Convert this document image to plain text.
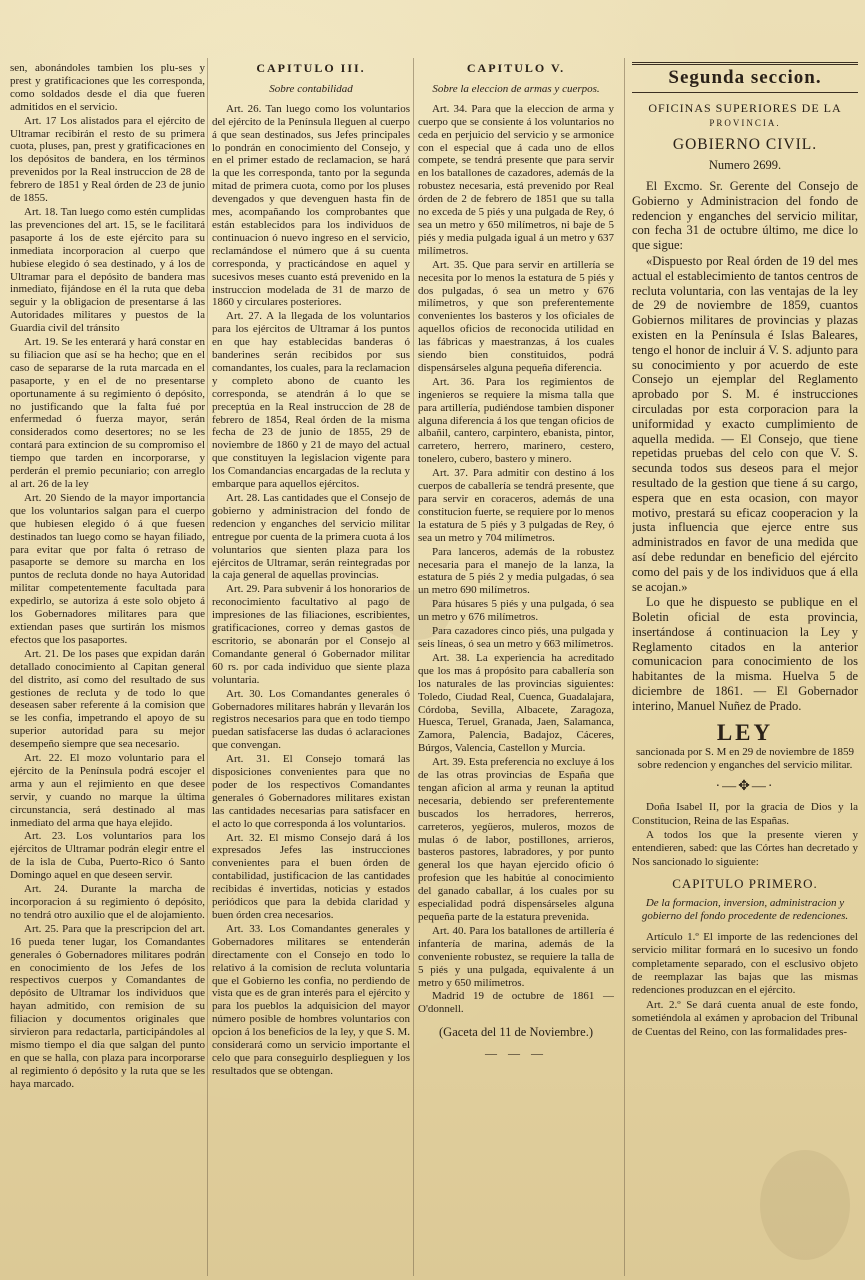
sen, abonándoles tambien los plu-ses y prest y gratificaciones que les corresponda, como soldados desde el dia que fueren admitidos en el servicio.

Art. 17 Los alistados para el ejército de Ultramar recibirán el resto de su primera cuota, pluses, pan, prest y gratificaciones en los depósitos de bandera, en los términos prevenidos por la Real instruccion de 28 de febrero de 1851 y Real órden de 23 de junio de 1855.

Art. 18. Tan luego como estén cumplidas las prevenciones del art. 15, se le facilitará pasaporte á los de este ejército para su inmediata incorporacion al cuerpo que hubiese elegido ó sea destinado, y á los de Ultramar para el depósito de bandera mas inmediato, fijándose en él la ruta que deba seguir y la obligacion de presentarse á las Autoridades militares y puestos de la Guardia civil del tránsito

Art. 19. Se les enterará y hará constar en su filiacion que así se ha hecho; que en el caso de separarse de la ruta marcada en el pasaporte, y en el de no presentarse oportunamente á su regimiento ó depósito, no justificando que la falta fué por enfermedad ó fuerza mayor, serán considerados como desertores; no se les contará para extincion de su compromiso el tiempo que tarden en incorporarse, y perderán el premio pecuniario; con arreglo al art. 26 de la ley

Art. 20 Siendo de la mayor importancia que los voluntarios salgan para el cuerpo que hubiesen elegido ó á que fuesen destinados tan luego como se hayan filiado, para evitar que por falta ó retraso de pasaporte se demore su marcha en los puntos de recluta donde no haya Autoridad militar competentemente facultada para expedirlo, se autoriza á este solo objeto á los Gobernadores militares para que extiendan pases que surtirán los mismos efectos que los pasaportes.

Art. 21. De los pases que expidan darán detallado conocimiento al Capitan general del distrito, así como del resultado de sus gestiones de recluta y de todo lo que deseasen saber referente á la comision que se les confia, impetrando el apoyo de su superior autoridad para su mejor desempeño siempre que sea necesario.

Art. 22. El mozo voluntario para el ejército de la Península podrá escojer el arma y aun el rejimiento en que desee servir, y cuando no marque la última circunstancia, será destinado al mas inmediato del arma que haya elejido.

Art. 23. Los voluntarios para los ejércitos de Ultramar podrán elegir entre el de la isla de Cuba, Puerto-Rico ó Santo Domingo aquel en que deseen servir.

Art. 24. Durante la marcha de incorporacion á su regimiento ó depósito, no tendrá otro auxilio que el de alojamiento.

Art. 25. Para que la prescripcion del art. 16 pueda tener lugar, los Comandantes generales ó Gobernadores militares podrán en conocimiento de los Jefes de los respectivos cuerpos y Comandantes de depósito de Ultramar los individuos que hayan admitido, con remision de su filiacion y documentos originales que sirvieron para redactarla, participándoles al mismo tiempo el dia que salgan del punto en que se halla, con plaza para incorporarse al regimiento ó depósito y la ruta que se les haya marcado.

CAPITULO III.
Sobre contabilidad

Art. 26. Tan luego como los voluntarios del ejército de la Península lleguen al cuerpo á que sean destinados, sus Jefes principales lo pondrán en conocimiento del Consejo, y en el primer estado de reclamacion, se hará la que les corresponda, tanto por la segunda mitad de primera cuota, como por los pluses devengados y que devenguen hasta fin de mes, acompañando los comprobantes que están establecidos para los individuos de continuacion ó nuevo ingreso en el servicio, reclamándose el número que á su cuenta corresponda, y practicándose en aquel y sucesivos meses cuanto está prevenido en la instruccion modelada de 31 de marzo de 1860 y circulares posteriores.

Art. 27. A la llegada de los voluntarios para los ejércitos de Ultramar á los puntos en que hay establecidas banderas ó banderines serán recibidos por sus comandantes, los cuales, para la reclamacion y completo abono de cuanto les corresponda, se atendrán á lo que se preceptúa en la Real instruccion de 28 de febrero de 1854, Real órden de la misma fecha de 23 de junio de 1855, 29 de noviembre de 1860 y 21 de mayo del actual que constituyen la legislacion vigente para los Comandancias encargadas de la recluta y embarque para aquellos ejércitos.

Art. 28. Las cantidades que el Consejo de gobierno y administracion del fondo de redencion y enganches del servicio militar entregue por cuenta de la primera cuota á los voluntarios que sienten plaza para los ejércitos de Ultramar, serán reintegradas por la caja general de aquellas provincias.

Art. 29. Para subvenir á los honorarios de reconocimiento facultativo al pago de impresiones de las filiaciones, escribientes, gratificaciones, correo y demas gastos de escritorio, se abonarán por el Consejo al Comandante general ó Gobernador militar 60 rs. por cada individuo que siente plaza voluntaria.

Art. 30. Los Comandantes generales ó Gobernadores militares habrán y llevarán los registros necesarios para que en todo tiempo puedan satisfacerse las dudas ó aclaraciones que convengan.

Art. 31. El Consejo tomará las disposiciones convenientes para que no poder de los respectivos Comandantes generales ó Gobernadores militares existan las cantidades necesarias para satisfacer en el acto lo que corresponda á los voluntarios.

Art. 32. El mismo Consejo dará á los expresados Jefes las instrucciones convenientes para el buen órden de contabilidad, justificacion de las cantidades recibidas é invertidas, noticias y estados periódicos que para la debida claridad y buen órden crea necesarios.

Art. 33. Los Comandantes generales y Gobernadores militares se entenderán directamente con el Consejo en todo lo relativo á la comision de recluta voluntaria que el Gobierno les confia, no perdiendo de vista que es de gran interés para el ejército y para los pueblos la adquisicion del mayor número posible de hombres voluntarios con opcion á los beneficios de la ley, y que S. M. considerará como un servicio importante el celo que para conseguirlo desplieguen y los resultados que se obtengan.

CAPITULO V.
Sobre la eleccion de armas y cuerpos.

Art. 34. Para que la eleccion de arma y cuerpo que se consiente á los voluntarios no ceda en perjuicio del servicio y se armonice con el especial que á cada uno de ellos compete, se tendrá presente que para servir en los batallones de cazadores, además de la robustez necesaria, está prevenido por Real órden de 2 de febrero de 1851 que su talla no exceda de 5 piés y una pulgada de Rey, ó sea un metro y 650 milímetros, ni baje de 5 piés y media pulgada igual á un metro y 637 milímetros.

Art. 35. Que para servir en artillería se necesita por lo menos la estatura de 5 piés y dos pulgadas, ó sea un metro y 676 milímetros, y que son preferentemente convenientes los basteros y los oficiales de aquellos oficios de reconocida utilidad en las fábricas y maestranzas, á los cuales siendo bien constituidos, podrá dispensárseles alguna pequeña diferencia.

Art. 36. Para los regimientos de ingenieros se requiere la misma talla que para artillería, pudiéndose tambien disponer alguna diferencia á los que tengan oficios de albañil, cantero, carpintero, ebanista, pintor, carretero, herrero, marinero, cestero, tonelero, cubero, bastero y minero.

Art. 37. Para admitir con destino á los cuerpos de caballería se tendrá presente, que para servir en coraceros, además de una constitucion fuerte, se requiere por lo menos la estatura de 5 piés y 3 pulgadas de Rey, ó sea un metro y 704 milímetros.

Para lanceros, además de la robustez necesaria para el manejo de la lanza, la estatura de 5 piés 2 y media pulgadas, ó sea un metro 690 milímetros.

Para húsares 5 piés y una pulgada, ó sea un metro y 676 milímetros.

Para cazadores cinco piés, una pulgada y seis líneas, ó sea un metro y 663 milímetros.

Art. 38. La experiencia ha acreditado que los mas á propósito para caballería son los naturales de las provincias siguientes: Toledo, Ciudad Real, Cuenca, Guadalajara, Córdoba, Sevilla, Albacete, Zaragoza, Huesca, Teruel, Granada, Jaen, Salamanca, Zamora, Palencia, Badajoz, Cáceres, Búrgos, Valencia, Castellon y Murcia.

Art. 39. Esta preferencia no excluye á los de las otras provincias de España que tengan aficion al arma y reunan la aptitud necesaria, debiendo ser preferentemente buscados los herradores, herreros, carreteros, yegüeros, muleros, mozos de mulas ó de labor, postillones, arrieros, basteros pastores, labradores, y por punto general los que hayan ejercido oficio ó profesion que les habitúe al conocimiento del ganado caballar, á los cuales por su especialidad podrá dispensárseles alguna pequeña parte de la estatura prevenida.

Art. 40. Para los batallones de artillería é infantería de marina, además de la conveniente robustez, se requiere la talla de 5 piés y una pulgada, equivalente á un metro y 650 milímetros.

Madrid 19 de octubre de 1861 — O'donnell.

(Gaceta del 11 de Noviembre.)
— — —
Segunda seccion.
OFICINAS SUPERIORES DE LA
PROVINCIA.
GOBIERNO CIVIL.
Numero 2699.

El Excmo. Sr. Gerente del Consejo de Gobierno y Administracion del fondo de redencion y enganches del servicio militar, con fecha 31 de octubre último, me dice lo que sigue:

«Dispuesto por Real órden de 19 del mes actual el establecimiento de tantos centros de recluta voluntaria, con las ventajas de la ley de 29 de noviembre de 1859, cuantos Gobiernos militares de provincias y plazas existen en la Península é Islas Baleares, tengo el honor de incluir á V. S. adjunto para su conocimiento y por acuerdo de este Consejo un ejemplar del Reglamento aprobado por S. M. é instrucciones circuladas por esta corporacion para la uniformidad y exacto cumplimiento de aquella medida. — El Consejo, que tiene repetidas pruebas del celo con que V. S. secunda todos sus deseos para el mejor resultado de la gestion que tiene á su cargo, espera que en esta ocasion, con mayor motivo, prestará su eficaz cooperacion y la justa influencia que ejerce entre sus administrados en favor de una medida que así debe redundar en beneficio del ejército como del pais y de los individuos que á ella se acojan.»

Lo que he dispuesto se publique en el Boletin oficial de esta provincia, insertándose á continuacion la Ley y Reglamento citados en la anterior comunicacion para conocimiento de los habitantes de la misma. Huelva 5 de diciembre de 1861. — El Gobernador interino, Manuel Nuñez de Prado.

LEY
sancionada por S. M en 29 de noviembre de 1859 sobre redencion y enganches del servicio militar.
·—✥—·

Doña Isabel II, por la gracia de Dios y la Constitucion, Reina de las Españas.

A todos los que la presente vieren y entendieren, sabed: que las Córtes han decretado y Nos sancionado lo siguiente:

CAPITULO PRIMERO.
De la formacion, inversion, administracion y gobierno del fondo procedente de redenciones.

Artículo 1.º El importe de las redenciones del servicio militar formará en lo sucesivo un fondo completamente separado, con el esclusivo objeto de reemplazar las bajas que las mismas redenciones produzcan en el ejército.

Art. 2.º Se dará cuenta anual de este fondo, sometiéndola al exámen y aprobacion del Tribunal de Cuentas del Reino, con las formalidades pres-
